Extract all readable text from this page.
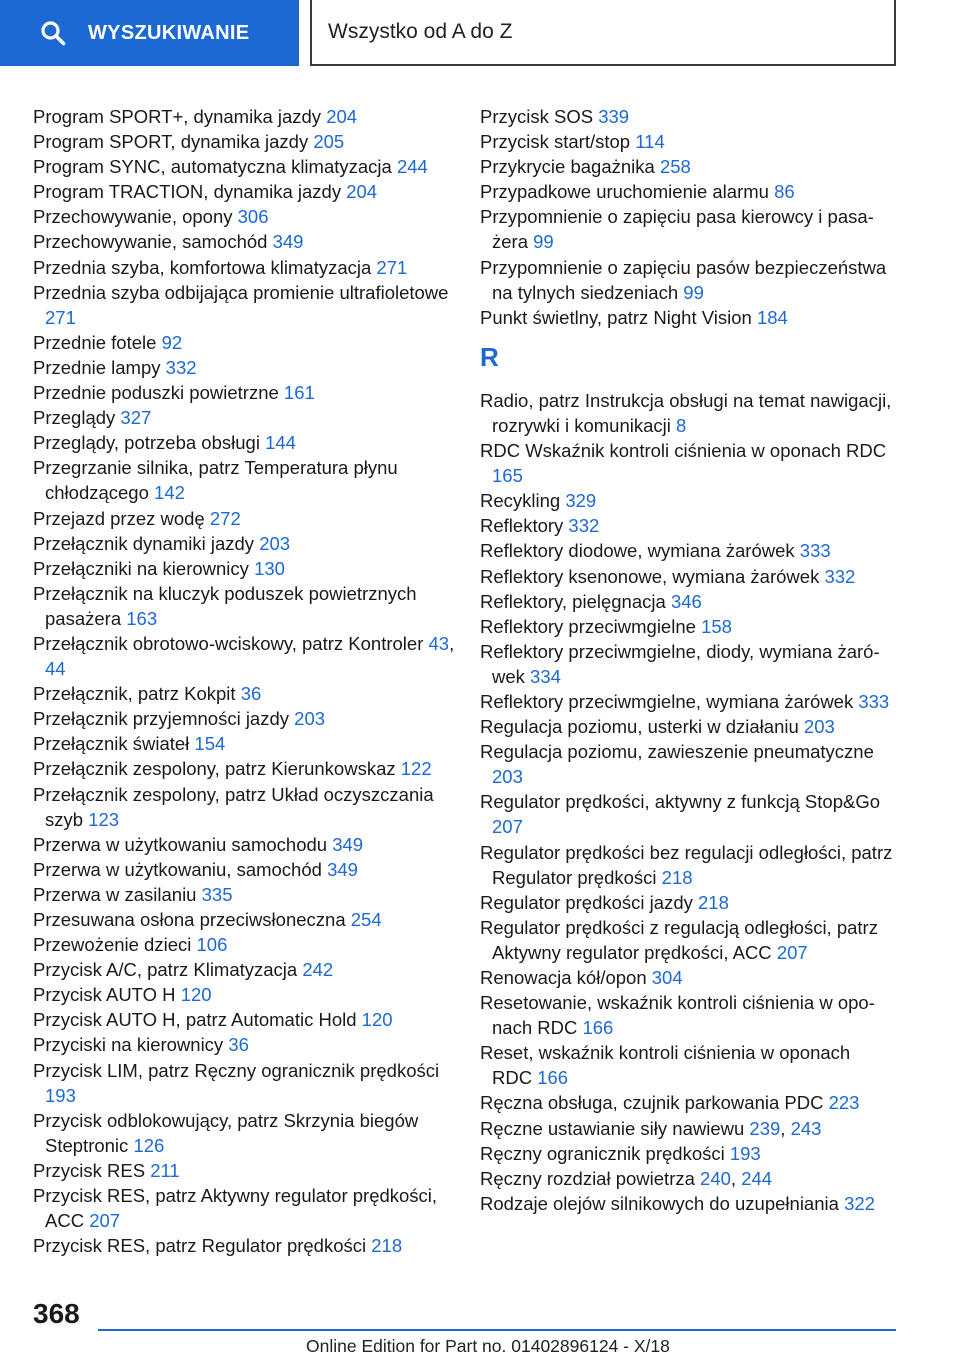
WYSZUKIWANIE	Wszystko od A do Z
Program SPORT+, dynamika jazdy 204
Program SPORT, dynamika jazdy 205
Program SYNC, automatyczna klimatyzacja 244
Program TRACTION, dynamika jazdy 204
Przechowywanie, opony 306
Przechowywanie, samochód 349
Przednia szyba, komfortowa klimatyzacja 271
Przednia szyba odbijająca promienie ultrafioletowe 271
Przednie fotele 92
Przednie lampy 332
Przednie poduszki powietrzne 161
Przeglądy 327
Przeglądy, potrzeba obsługi 144
Przegrzanie silnika, patrz Temperatura płynu chłodzącego 142
Przejazd przez wodę 272
Przełącznik dynamiki jazdy 203
Przełączniki na kierownicy 130
Przełącznik na kluczyk poduszek powietrznych pasażera 163
Przełącznik obrotowo-wciskowy, patrz Kontroler 43, 44
Przełącznik, patrz Kokpit 36
Przełącznik przyjemności jazdy 203
Przełącznik świateł 154
Przełącznik zespolony, patrz Kierunkowskaz 122
Przełącznik zespolony, patrz Układ oczyszczania szyb 123
Przerwa w użytkowaniu samochodu 349
Przerwa w użytkowaniu, samochód 349
Przerwa w zasilaniu 335
Przesuwana osłona przeciwsłoneczna 254
Przewożenie dzieci 106
Przycisk A/C, patrz Klimatyzacja 242
Przycisk AUTO H 120
Przycisk AUTO H, patrz Automatic Hold 120
Przyciski na kierownicy 36
Przycisk LIM, patrz Ręczny ogranicznik prędkości 193
Przycisk odblokowujący, patrz Skrzynia biegów Steptronic 126
Przycisk RES 211
Przycisk RES, patrz Aktywny regulator prędkości, ACC 207
Przycisk RES, patrz Regulator prędkości 218
Przycisk SOS 339
Przycisk start/stop 114
Przykrycie bagażnika 258
Przypadkowe uruchomienie alarmu 86
Przypomnienie o zapięciu pasa kierowcy i pasażera 99
Przypomnienie o zapięciu pasów bezpieczeństwa na tylnych siedzeniach 99
Punkt świetlny, patrz Night Vision 184
R
Radio, patrz Instrukcja obsługi na temat nawigacji, rozrywki i komunikacji 8
RDC Wskaźnik kontroli ciśnienia w oponach RDC 165
Recykling 329
Reflektory 332
Reflektory diodowe, wymiana żarówek 333
Reflektory ksenonowe, wymiana żarówek 332
Reflektory, pielęgnacja 346
Reflektory przeciwmgielne 158
Reflektory przeciwmgielne, diody, wymiana żarówek 334
Reflektory przeciwmgielne, wymiana żarówek 333
Regulacja poziomu, usterki w działaniu 203
Regulacja poziomu, zawieszenie pneumatyczne 203
Regulator prędkości, aktywny z funkcją Stop&Go 207
Regulator prędkości bez regulacji odległości, patrz Regulator prędkości 218
Regulator prędkości jazdy 218
Regulator prędkości z regulacją odległości, patrz Aktywny regulator prędkości, ACC 207
Renowacja kół/opon 304
Resetowanie, wskaźnik kontroli ciśnienia w oponach RDC 166
Reset, wskaźnik kontroli ciśnienia w oponach RDC 166
Ręczna obsługa, czujnik parkowania PDC 223
Ręczne ustawianie siły nawiewu 239, 243
Ręczny ogranicznik prędkości 193
Ręczny rozdział powietrza 240, 244
Rodzaje olejów silnikowych do uzupełniania 322
368
Online Edition for Part no. 01402896124 - X/18
